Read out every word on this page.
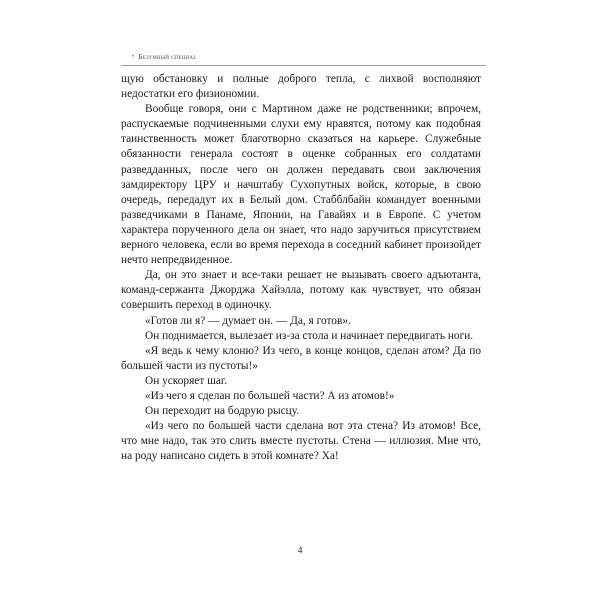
• Безумный спецназ

щую обстановку и полные доброго тепла, с лихвой восполняют недостатки его физиономии.

Вообще говоря, они с Мартином даже не родственники; впрочем, распускаемые подчиненными слухи ему нравятся, потому как подобная таинственность может благотворно сказаться на карьере. Служебные обязанности генерала состоят в оценке собранных его солдатами разведданных, после чего он должен передавать свои заключения замдиректору ЦРУ и начштабу Сухопутных войск, которые, в свою очередь, передадут их в Белый дом. Стабблбайн командует военными разведчиками в Панаме, Японии, на Гавайях и в Европе. С учетом характера порученного дела он знает, что надо заручиться присутствием верного человека, если во время перехода в соседний кабинет произойдет нечто непредвиденное.

Да, он это знает и все-таки решает не вызывать своего адъютанта, команд-сержанта Джорджа Хайэлла, потому как чувствует, что обязан совершить переход в одиночку.

«Готов ли я? — думает он. — Да, я готов».

Он поднимается, вылезает из-за стола и начинает передвигать ноги.

«Я ведь к чему клоню? Из чего, в конце концов, сделан атом? Да по большей части из пустоты!»

Он ускоряет шаг.

«Из чего я сделан по большей части? А из атомов!»

Он переходит на бодрую рысцу.

«Из чего по большей части сделана вот эта стена? Из атомов! Все, что мне надо, так это слить вместе пустоты. Стена — иллюзия. Мне что, на роду написано сидеть в этой комнате? Ха!

4
